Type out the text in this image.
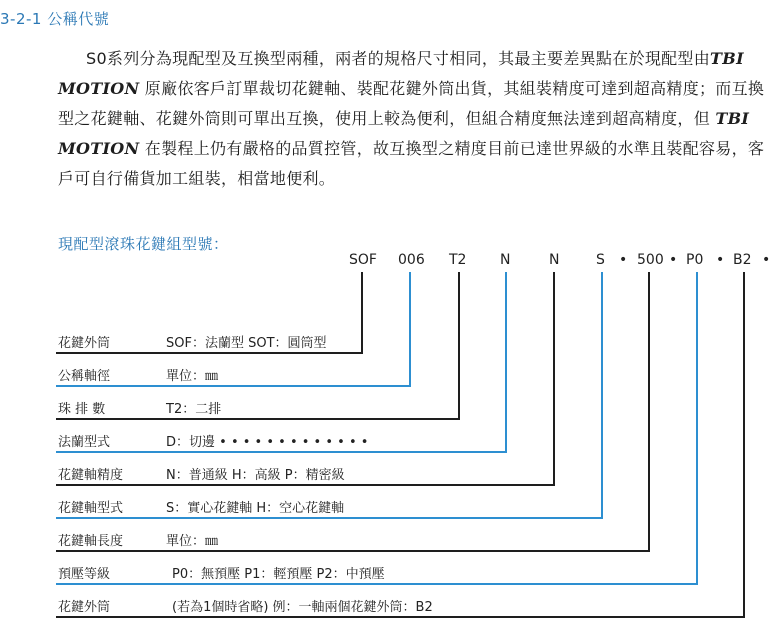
3-2-1 公稱代號

S0系列分為現配型及互換型兩種，兩者的規格尺寸相同，其最主要差異點在於現配型由TBI MOTION 原廠依客戶訂單裁切花鍵軸、裝配花鍵外筒出貨，其組裝精度可達到超高精度；而互換型之花鍵軸、花鍵外筒則可單出互換，使用上較為便利，但組合精度無法達到超高精度，但 TBI MOTION 在製程上仍有嚴格的品質控管，故互換型之精度目前已達世界級的水準且裝配容易，客戶可自行備貨加工組裝，相當地便利。

現配型滾珠花鍵組型號：
SOF 006 T2 N	N	S • 500 • P0 • B2 •
花鍵外筒	SOF：法蘭型 SOT：圓筒型
公稱軸徑	單位：㎜
珠 排 數	T2：二排
法蘭型式	D：切邊 • • • • • • • • • • • • •
花鍵軸精度	N：普通級 H：高級 P：精密級
花鍵軸型式	S：實心花鍵軸 H：空心花鍵軸
花鍵軸長度	單位：㎜
預壓等級	P0：無預壓 P1：輕預壓 P2：中預壓
花鍵外筒	(若為1個時省略) 例：一軸兩個花鍵外筒：B2
